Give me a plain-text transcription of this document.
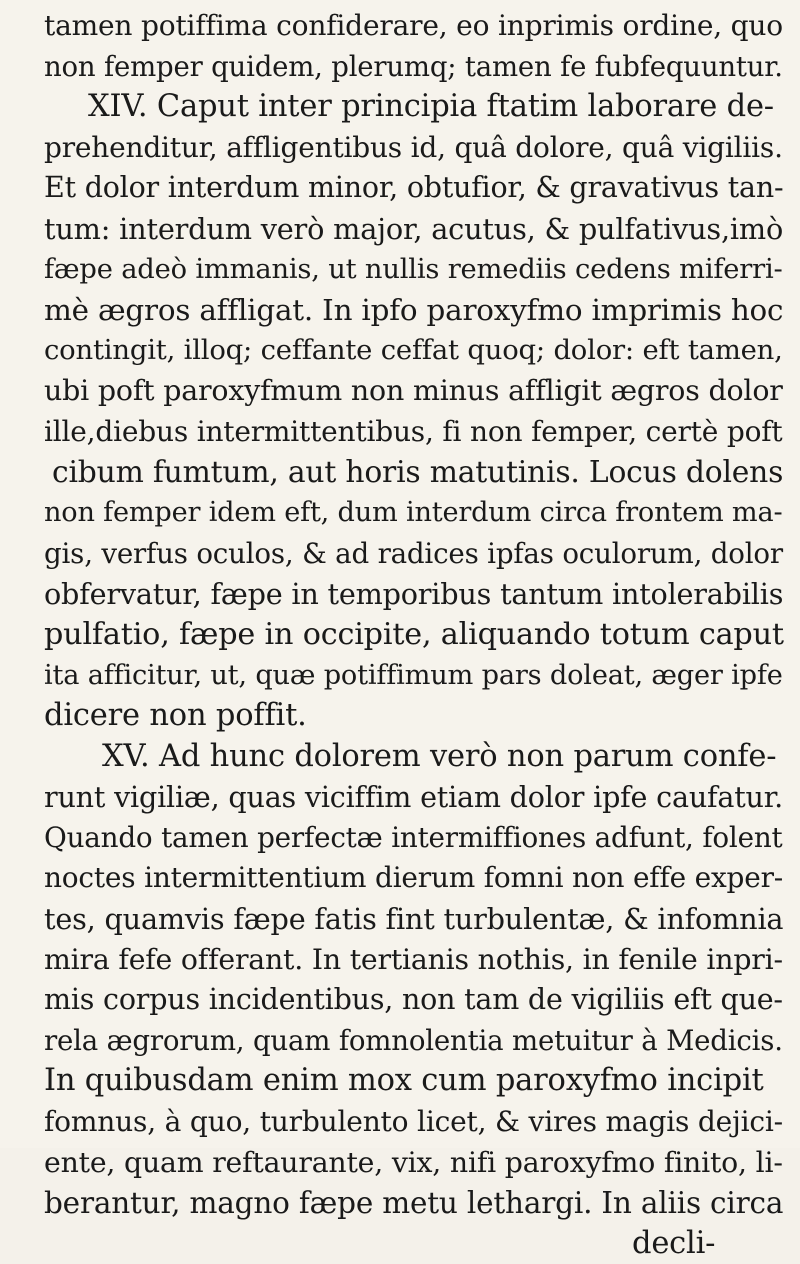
tamen potiffima confiderare, eo inprimis ordine, quo
non femper quidem, plerumq; tamen fe fubfequuntur.
XIV. Caput inter principia ftatim laborare de-
prehenditur, affligentibus id, quâ dolore, quâ vigiliis.
Et dolor interdum minor, obtufior, & gravativus tan-
tum: interdum verò major, acutus, & pulfativus,imò
fæpe adeò immanis, ut nullis remediis cedens miferri-
mè ægros affligat. In ipfo paroxyfmo imprimis hoc
contingit, illoq; ceffante ceffat quoq; dolor: eft tamen,
ubi poft paroxyfmum non minus affligit ægros dolor
ille,diebus intermittentibus, fi non femper, certè poft
cibum fumtum, aut horis matutinis. Locus dolens
non femper idem eft, dum interdum circa frontem ma-
gis, verfus oculos, & ad radices ipfas oculorum, dolor
obfervatur, fæpe in temporibus tantum intolerabilis
pulfatio, fæpe in occipite, aliquando totum caput
ita afficitur, ut, quæ potiffimum pars doleat, æger ipfe
dicere non poffit.
XV. Ad hunc dolorem verò non parum confe-
runt vigiliæ, quas viciffim etiam dolor ipfe caufatur.
Quando tamen perfectæ intermiffiones adfunt, folent
noctes intermittentium dierum fomni non effe exper-
tes, quamvis fæpe fatis fint turbulentæ, & infomnia
mira fefe offerant. In tertianis nothis, in fenile inpri-
mis corpus incidentibus, non tam de vigiliis eft que-
rela ægrorum, quam fomnolentia metuitur à Medicis.
In quibusdam enim mox cum paroxyfmo incipit
fomnus, à quo, turbulento licet, & vires magis dejici-
ente, quam reftaurante, vix, nifi paroxyfmo finito, li-
berantur, magno fæpe metu lethargi. In aliis circa
decli-
